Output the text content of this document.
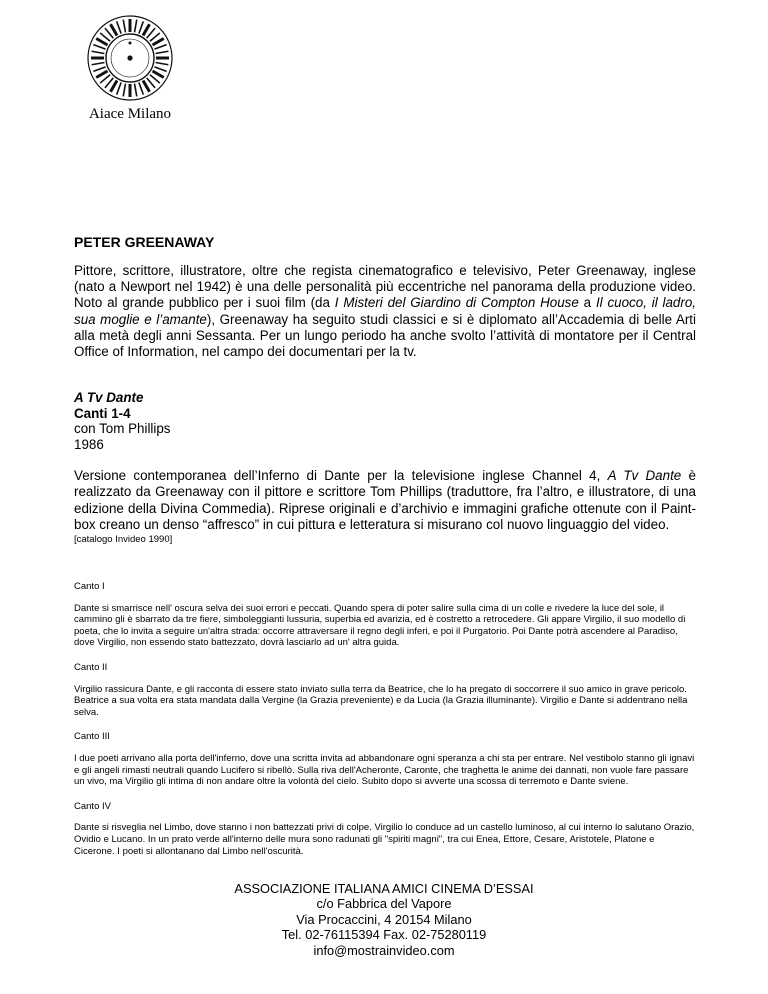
Aiace Milano
PETER GREENAWAY

Pittore, scrittore, illustratore, oltre che regista cinematografico e televisivo, Peter Greenaway, inglese (nato a Newport nel 1942) è una delle personalità più eccentriche nel panorama della produzione video. Noto al grande pubblico per i suoi film (da I Misteri del Giardino di Compton House a Il cuoco, il ladro, sua moglie e l’amante), Greenaway ha seguito studi classici e si è diplomato all’Accademia di belle Arti alla metà degli anni Sessanta. Per un lungo periodo ha anche svolto l’attività di montatore per il Central Office of Information, nel campo dei documentari per la tv.

A Tv Dante
Canti 1-4
con Tom Phillips
1986

Versione contemporanea dell’Inferno di Dante per la televisione inglese Channel 4, A Tv Dante è realizzato da Greenaway con il pittore e scrittore Tom Phillips (traduttore, fra l’altro, e illustratore, di una edizione della Divina Commedia). Riprese originali e d’archivio e immagini grafiche ottenute con il Paint-box creano un denso “affresco” in cui pittura e letteratura si misurano col nuovo linguaggio del video.

[catalogo Invideo 1990]
Canto I
Dante si smarrisce nell' oscura selva dei suoi errori e peccati. Quando spera di poter salire sulla cima di un colle e rivedere la luce del sole, il cammino gli è sbarrato da tre fiere, simboleggianti lussuria, superbia ed avarizia, ed è costretto a retrocedere. Gli appare Virgilio, il suo modello di poeta, che lo invita a seguire un'altra strada: occorre attraversare il regno degli inferi, e poi il Purgatorio. Poi Dante potrà ascendere al Paradiso, dove Virgilio, non essendo stato battezzato, dovrà lasciarlo ad un' altra guida.
Canto II
Virgilio rassicura Dante, e gli racconta di essere stato inviato sulla terra da Beatrice, che lo ha pregato di soccorrere il suo amico in grave pericolo. Beatrice a sua volta era stata mandata dalla Vergine (la Grazia preveniente) e da Lucia (la Grazia illuminante). Virgilio e Dante si addentrano nella selva.
Canto III
I due poeti arrivano alla porta dell'inferno, dove una scritta invita ad abbandonare ogni speranza a chi sta per entrare. Nel vestibolo stanno gli ignavi e gli angeli rimasti neutrali quando Lucifero si ribellò. Sulla riva dell'Acheronte, Caronte, che traghetta le anime dei dannati, non vuole fare passare un vivo, ma Virgilio gli intima di non andare oltre la volontà del cielo. Subito dopo si avverte una scossa di terremoto e Dante sviene.
Canto IV
Dante si risveglia nel Limbo, dove stanno i non battezzati privi di colpe. Virgilio lo conduce ad un castello luminoso, al cui interno lo salutano Orazio, Ovidio e Lucano. In un prato verde all'interno delle mura sono radunati gli "spiriti magni", tra cui Enea, Ettore, Cesare, Aristotele, Platone e Cicerone. I poeti si allontanano dal Limbo nell'oscurità.
ASSOCIAZIONE ITALIANA AMICI CINEMA D’ESSAI
c/o Fabbrica del Vapore
Via Procaccini, 4 20154 Milano
Tel. 02-76115394 Fax. 02-75280119
info@mostrainvideo.com
